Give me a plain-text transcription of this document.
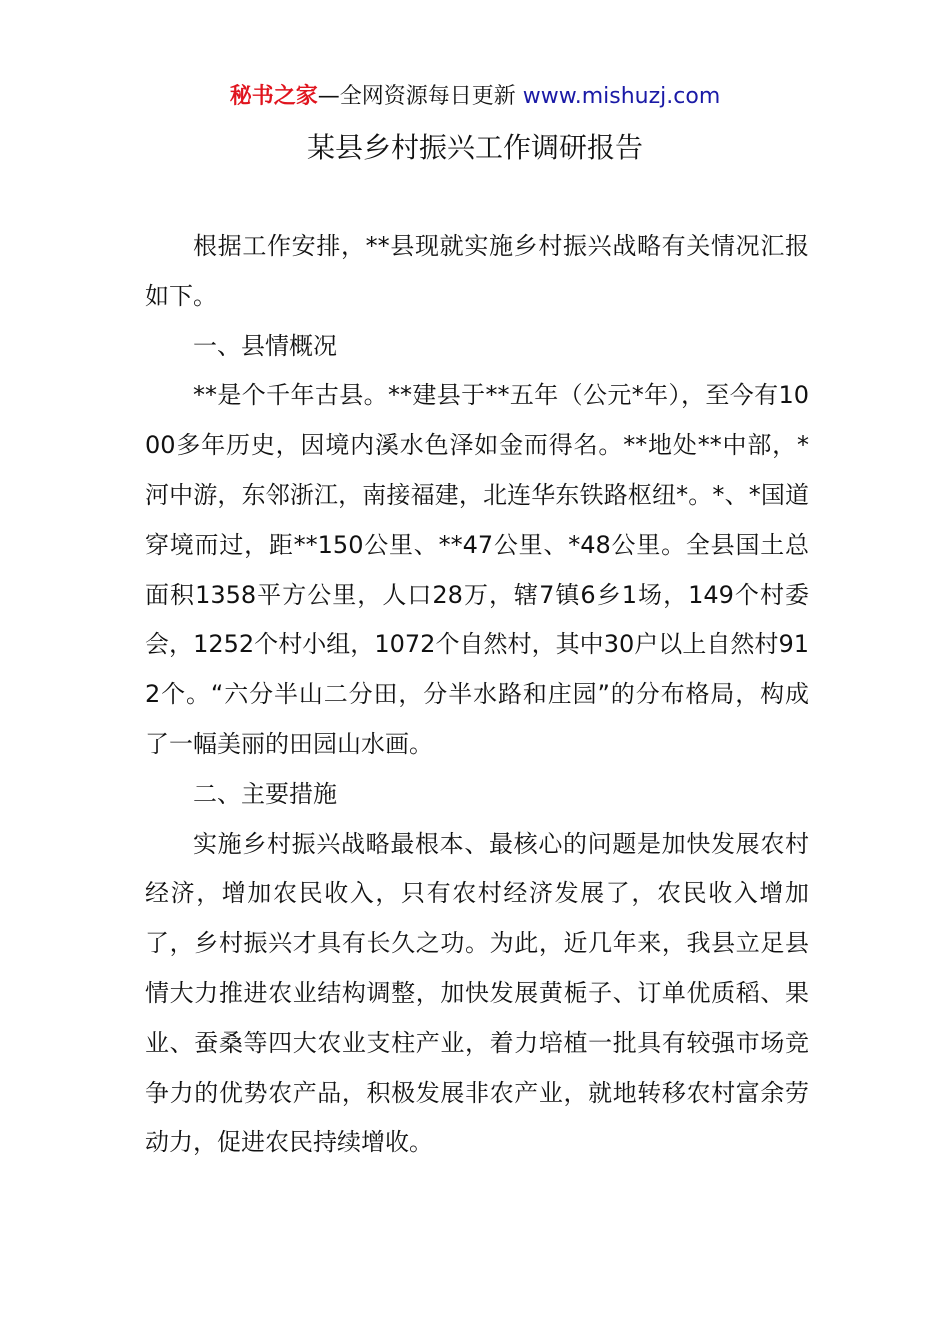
秘书之家—全网资源每日更新 www.mishuzj.com
某县乡村振兴工作调研报告

根据工作安排，**县现就实施乡村振兴战略有关情况汇报如下。

一、县情概况

**是个千年古县。**建县于**五年（公元*年），至今有1000多年历史，因境内溪水色泽如金而得名。**地处**中部，*河中游，东邻浙江，南接福建，北连华东铁路枢纽*。*、*国道穿境而过，距**150公里、**47公里、*48公里。全县国土总面积1358平方公里，人口28万，辖7镇6乡1场，149个村委会，1252个村小组，1072个自然村，其中30户以上自然村912个。“六分半山二分田，分半水路和庄园”的分布格局，构成了一幅美丽的田园山水画。

二、主要措施

实施乡村振兴战略最根本、最核心的问题是加快发展农村经济，增加农民收入，只有农村经济发展了，农民收入增加了，乡村振兴才具有长久之功。为此，近几年来，我县立足县情大力推进农业结构调整，加快发展黄栀子、订单优质稻、果业、蚕桑等四大农业支柱产业，着力培植一批具有较强市场竞争力的优势农产品，积极发展非农产业，就地转移农村富余劳动力，促进农民持续增收。
